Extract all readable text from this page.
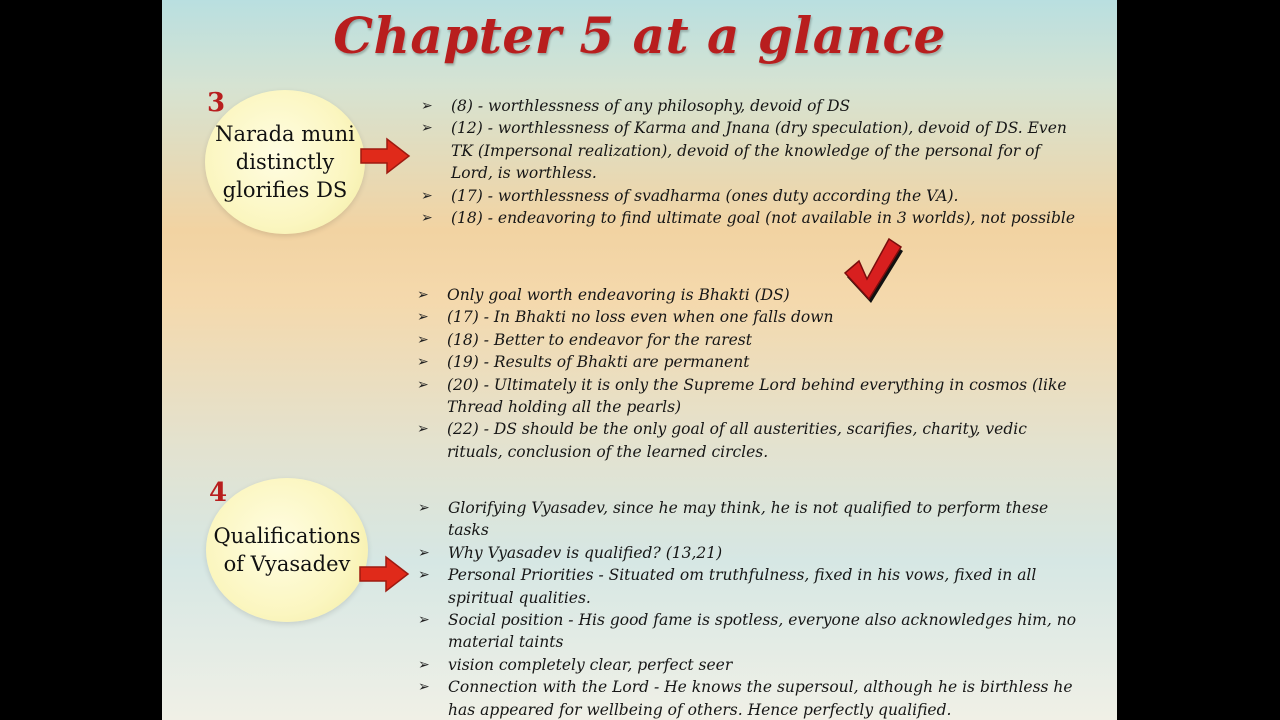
Chapter 5 at a glance
3
Narada muni
distinctly
glorifies DS
➢ (8) - worthlessness of any philosophy, devoid of DS
➢ (12) - worthlessness of Karma and Jnana (dry speculation), devoid of DS. Even TK (Impersonal realization), devoid of the knowledge of the personal for of Lord, is worthless.
➢ (17) - worthlessness of svadharma (ones duty according the VA).
➢ (18) - endeavoring to find ultimate goal (not available in 3 worlds), not possible
➢ Only goal worth endeavoring is Bhakti (DS)
➢ (17) - In Bhakti no loss even when one falls down
➢ (18) - Better to endeavor for the rarest
➢ (19) - Results of Bhakti are permanent
➢ (20) - Ultimately it is only the Supreme Lord behind everything in cosmos (like Thread holding all the pearls)
➢ (22) - DS should be the only goal of all austerities, scarifies, charity, vedic rituals, conclusion of the learned circles.
4
Qualifications
of Vyasadev
➢ Glorifying Vyasadev, since he may think, he is not qualified to perform these tasks
➢ Why Vyasadev is qualified? (13,21)
➢ Personal Priorities - Situated om truthfulness, fixed in his vows, fixed in all spiritual qualities.
➢ Social position - His good fame is spotless, everyone also acknowledges him, no material taints
➢ vision completely clear, perfect seer
➢ Connection with the Lord - He knows the supersoul, although he is birthless he has appeared for wellbeing of others. Hence perfectly qualified.
